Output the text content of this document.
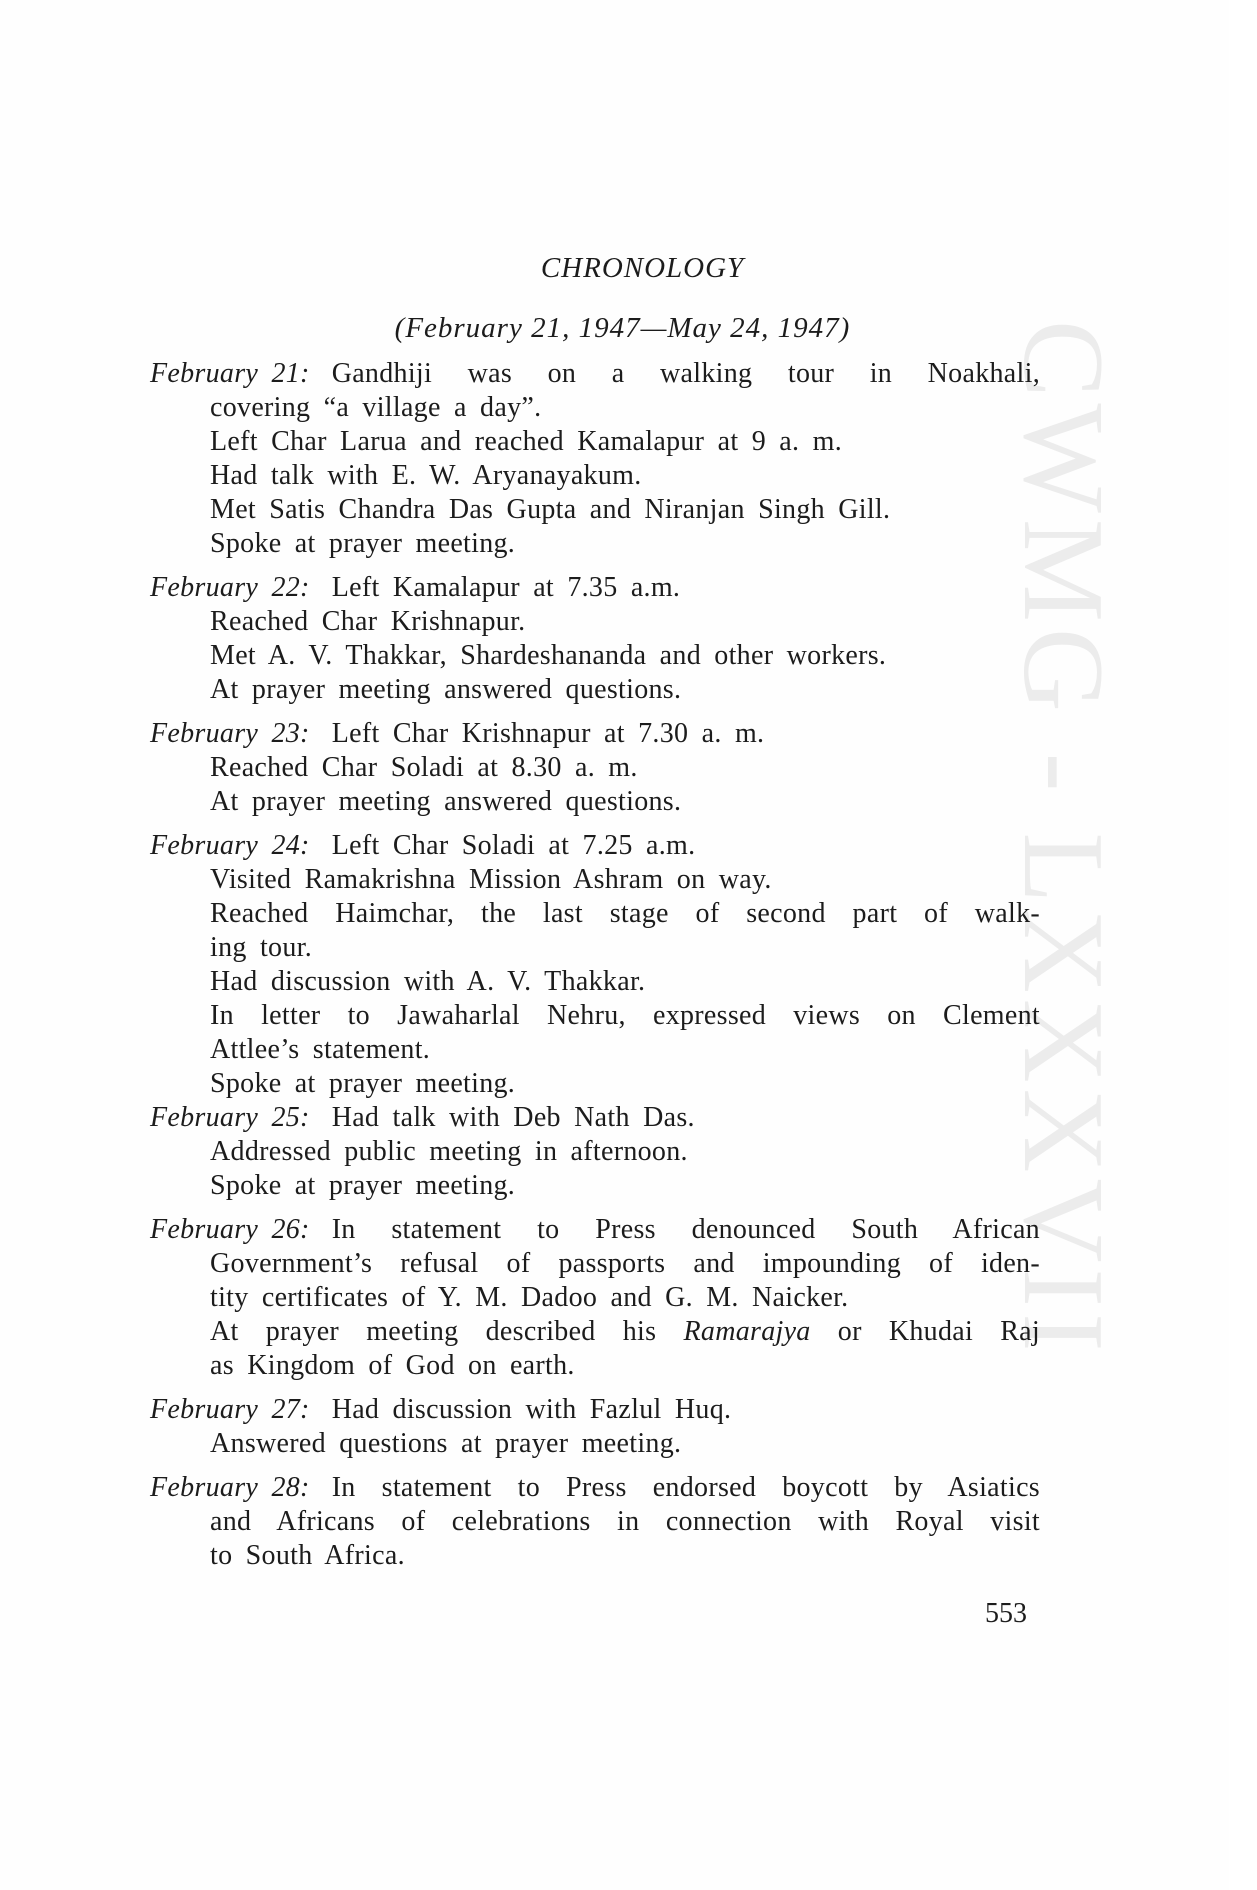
CWMG - LXXXVII
CHRONOLOGY
(February 21, 1947—May 24, 1947)
February 21: Gandhiji was on a walking tour in Noakhali,
covering “a village a day”.
Left Char Larua and reached Kamalapur at 9 a. m.
Had talk with E. W. Aryanayakum.
Met Satis Chandra Das Gupta and Niranjan Singh Gill.
Spoke at prayer meeting.
February 22: Left Kamalapur at 7.35 a.m.
Reached Char Krishnapur.
Met A. V. Thakkar, Shardeshananda and other workers.
At prayer meeting answered questions.
February 23: Left Char Krishnapur at 7.30 a. m.
Reached Char Soladi at 8.30 a. m.
At prayer meeting answered questions.
February 24: Left Char Soladi at 7.25 a.m.
Visited Ramakrishna Mission Ashram on way.
Reached Haimchar, the last stage of second part of walk-
ing tour.
Had discussion with A. V. Thakkar.
In letter to Jawaharlal Nehru, expressed views on Clement
Attlee’s statement.
Spoke at prayer meeting.
February 25: Had talk with Deb Nath Das.
Addressed public meeting in afternoon.
Spoke at prayer meeting.
February 26: In statement to Press denounced South African
Government’s refusal of passports and impounding of iden-
tity certificates of Y. M. Dadoo and G. M. Naicker.
At prayer meeting described his Ramarajya or Khudai Raj
as Kingdom of God on earth.
February 27: Had discussion with Fazlul Huq.
Answered questions at prayer meeting.
February 28: In statement to Press endorsed boycott by Asiatics
and Africans of celebrations in connection with Royal visit
to South Africa.
553
